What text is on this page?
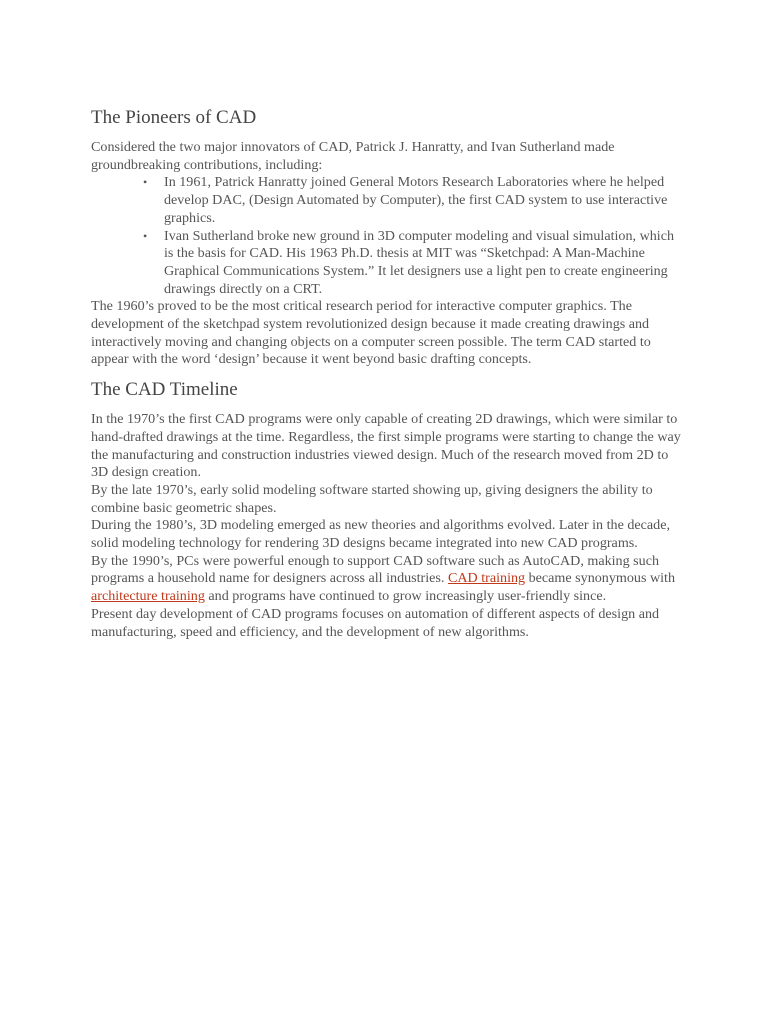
The Pioneers of CAD

Considered the two major innovators of CAD, Patrick J. Hanratty, and Ivan Sutherland made groundbreaking contributions, including:

• In 1961, Patrick Hanratty joined General Motors Research Laboratories where he helped develop DAC, (Design Automated by Computer), the first CAD system to use interactive graphics.
• Ivan Sutherland broke new ground in 3D computer modeling and visual simulation, which is the basis for CAD. His 1963 Ph.D. thesis at MIT was “Sketchpad: A Man-Machine Graphical Communications System.” It let designers use a light pen to create engineering drawings directly on a CRT.

The 1960’s proved to be the most critical research period for interactive computer graphics. The development of the sketchpad system revolutionized design because it made creating drawings and interactively moving and changing objects on a computer screen possible. The term CAD started to appear with the word ‘design’ because it went beyond basic drafting concepts.

The CAD Timeline

In the 1970’s the first CAD programs were only capable of creating 2D drawings, which were similar to hand-drafted drawings at the time. Regardless, the first simple programs were starting to change the way the manufacturing and construction industries viewed design. Much of the research moved from 2D to 3D design creation.

By the late 1970’s, early solid modeling software started showing up, giving designers the ability to combine basic geometric shapes.

During the 1980’s, 3D modeling emerged as new theories and algorithms evolved. Later in the decade, solid modeling technology for rendering 3D designs became integrated into new CAD programs.

By the 1990’s, PCs were powerful enough to support CAD software such as AutoCAD, making such programs a household name for designers across all industries. CAD training became synonymous with architecture training and programs have continued to grow increasingly user-friendly since.

Present day development of CAD programs focuses on automation of different aspects of design and manufacturing, speed and efficiency, and the development of new algorithms.
